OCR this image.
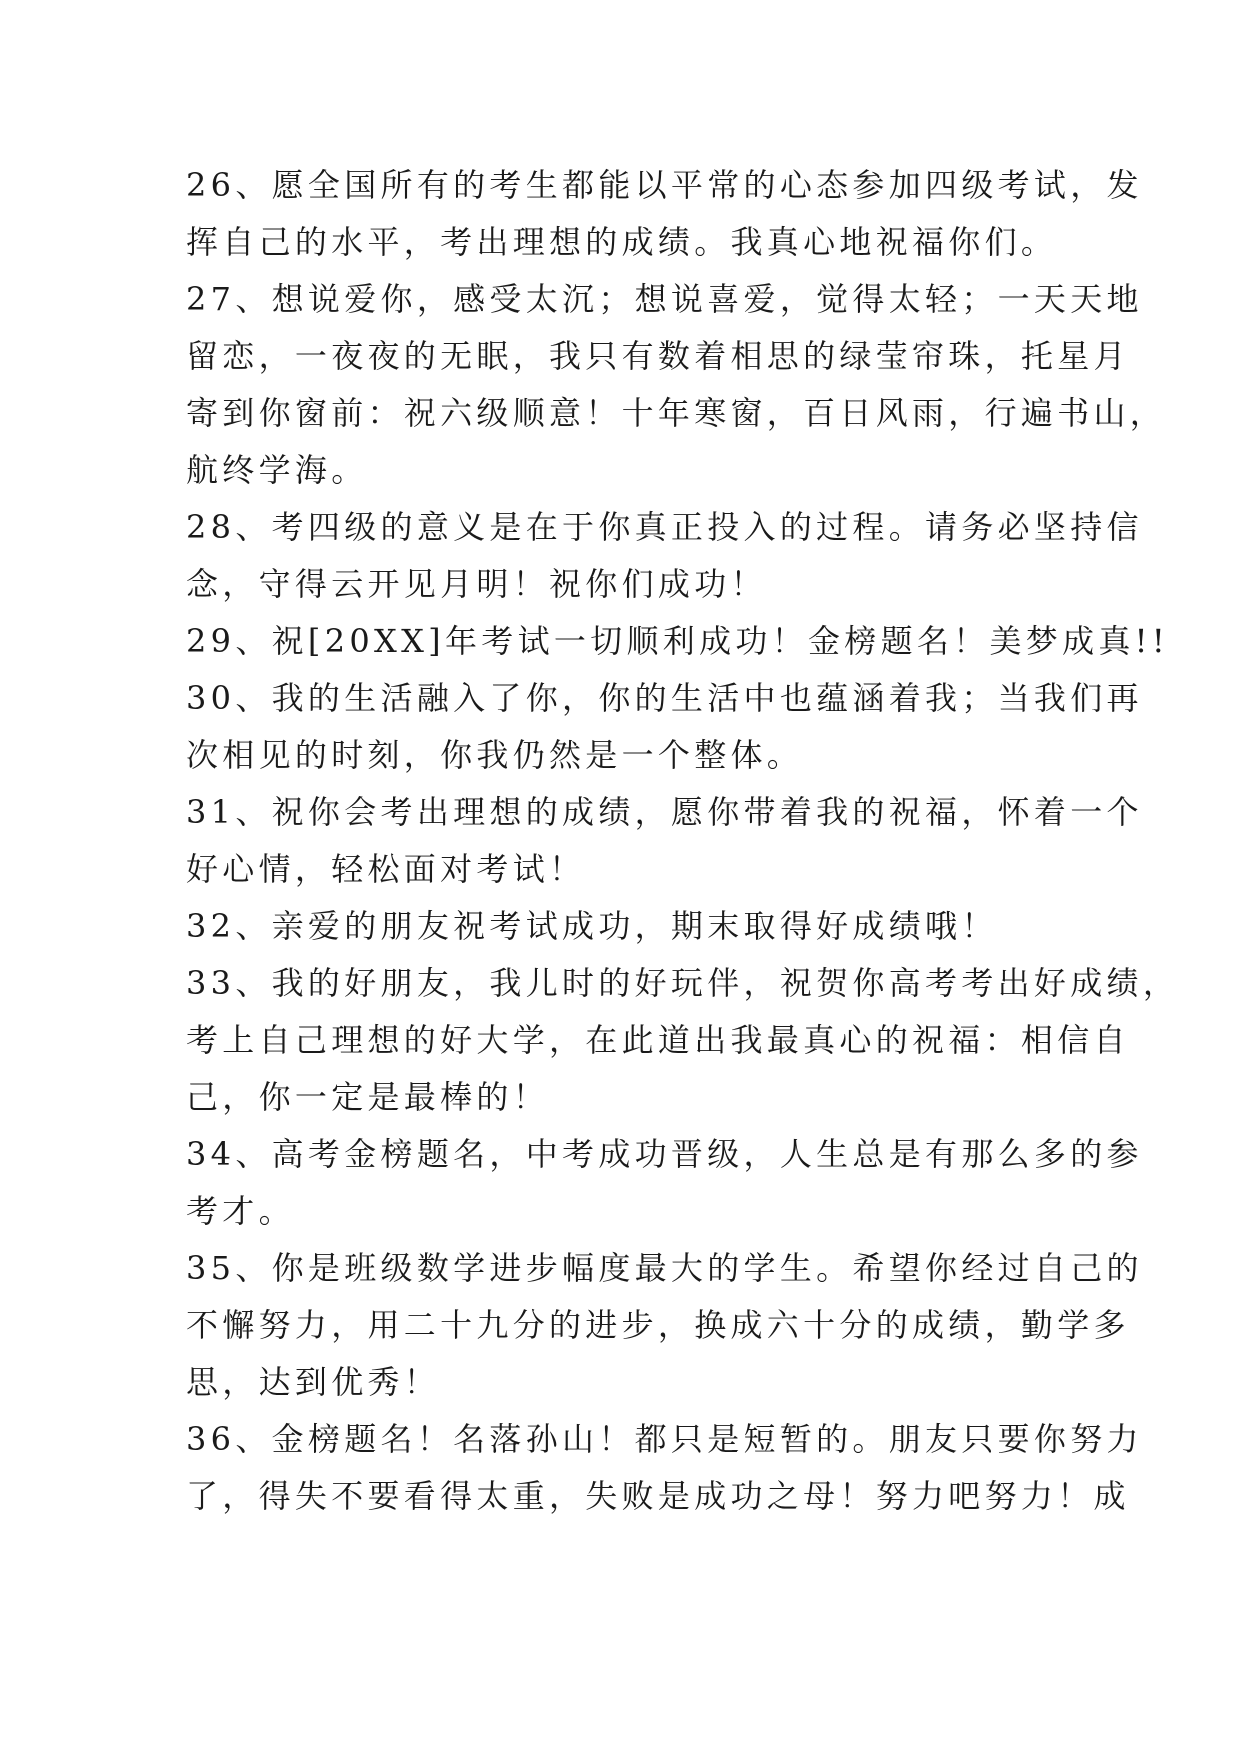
26、愿全国所有的考生都能以平常的心态参加四级考试，发
挥自己的水平，考出理想的成绩。我真心地祝福你们。
27、想说爱你，感受太沉；想说喜爱，觉得太轻；一天天地
留恋，一夜夜的无眠，我只有数着相思的绿莹帘珠，托星月
寄到你窗前：祝六级顺意！十年寒窗，百日风雨，行遍书山，
航终学海。
28、考四级的意义是在于你真正投入的过程。请务必坚持信
念，守得云开见月明！祝你们成功！
29、祝[20XX]年考试一切顺利成功！金榜题名！美梦成真!!
30、我的生活融入了你，你的生活中也蕴涵着我；当我们再
次相见的时刻，你我仍然是一个整体。
31、祝你会考出理想的成绩，愿你带着我的祝福，怀着一个
好心情，轻松面对考试！
32、亲爱的朋友祝考试成功，期末取得好成绩哦！
33、我的好朋友，我儿时的好玩伴，祝贺你高考考出好成绩，
考上自己理想的好大学，在此道出我最真心的祝福：相信自
己，你一定是最棒的！
34、高考金榜题名，中考成功晋级，人生总是有那么多的参
考才。
35、你是班级数学进步幅度最大的学生。希望你经过自己的
不懈努力，用二十九分的进步，换成六十分的成绩，勤学多
思，达到优秀！
36、金榜题名！名落孙山！都只是短暂的。朋友只要你努力
了，得失不要看得太重，失败是成功之母！努力吧努力！成
